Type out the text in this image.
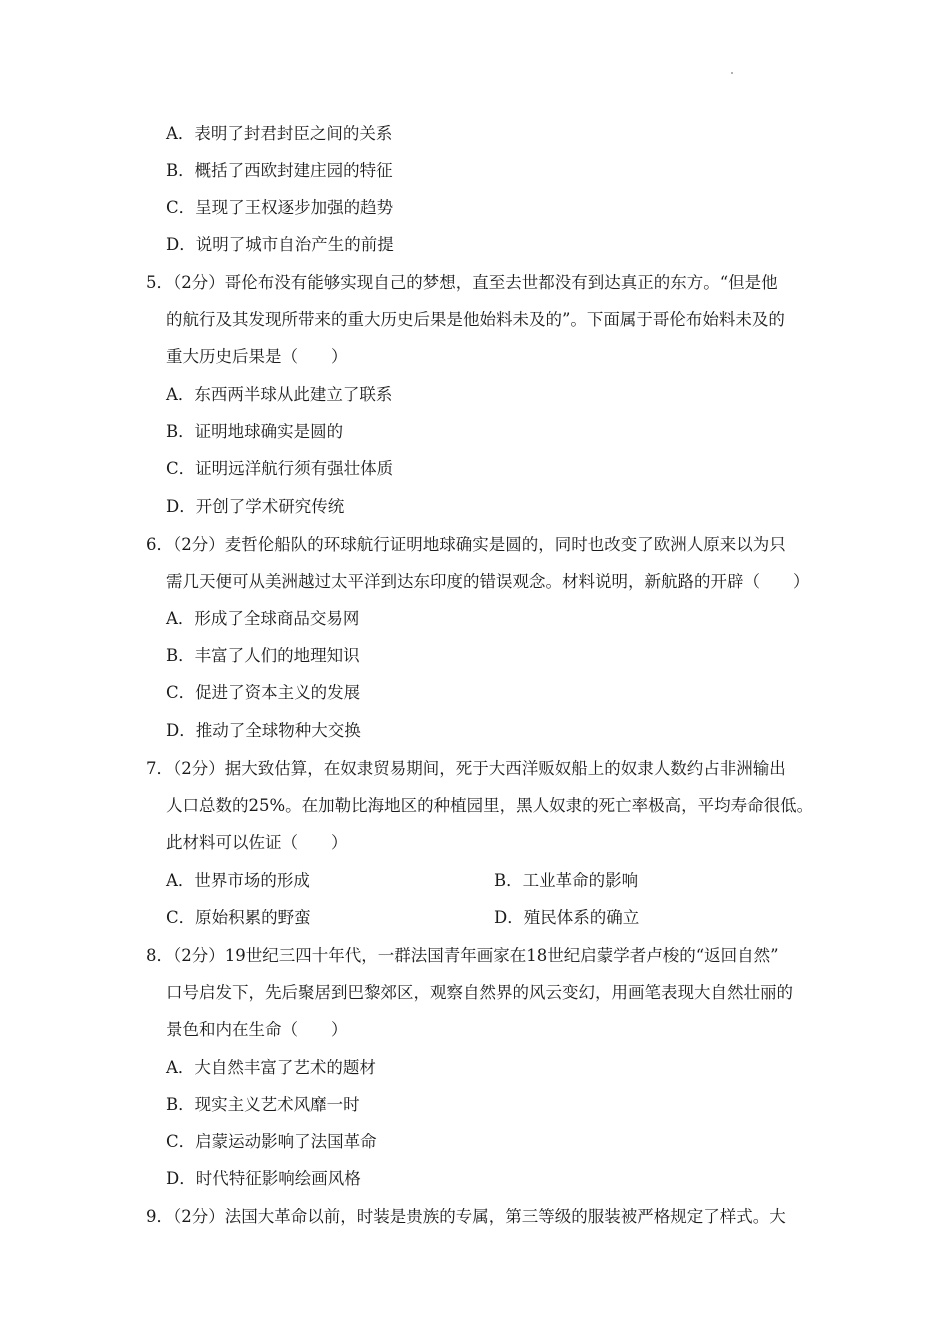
A．表明了封君封臣之间的关系
B．概括了西欧封建庄园的特征
C．呈现了王权逐步加强的趋势
D．说明了城市自治产生的前提
5．（2分）哥伦布没有能够实现自己的梦想，直至去世都没有到达真正的东方。“但是他
的航行及其发现所带来的重大历史后果是他始料未及的”。下面属于哥伦布始料未及的
重大历史后果是（　　）
A．东西两半球从此建立了联系
B．证明地球确实是圆的
C．证明远洋航行须有强壮体质
D．开创了学术研究传统
6．（2分）麦哲伦船队的环球航行证明地球确实是圆的，同时也改变了欧洲人原来以为只
需几天便可从美洲越过太平洋到达东印度的错误观念。材料说明，新航路的开辟（　　）
A．形成了全球商品交易网
B．丰富了人们的地理知识
C．促进了资本主义的发展
D．推动了全球物种大交换
7．（2分）据大致估算，在奴隶贸易期间，死于大西洋贩奴船上的奴隶人数约占非洲输出
人口总数的25%。在加勒比海地区的种植园里，黑人奴隶的死亡率极高，平均寿命很低。
此材料可以佐证（　　）
A．世界市场的形成	B．工业革命的影响
C．原始积累的野蛮	D．殖民体系的确立
8．（2分）19世纪三四十年代，一群法国青年画家在18世纪启蒙学者卢梭的“返回自然”
口号启发下，先后聚居到巴黎郊区，观察自然界的风云变幻，用画笔表现大自然壮丽的
景色和内在生命（　　）
A．大自然丰富了艺术的题材
B．现实主义艺术风靡一时
C．启蒙运动影响了法国革命
D．时代特征影响绘画风格
9．（2分）法国大革命以前，时装是贵族的专属，第三等级的服装被严格规定了样式。大
